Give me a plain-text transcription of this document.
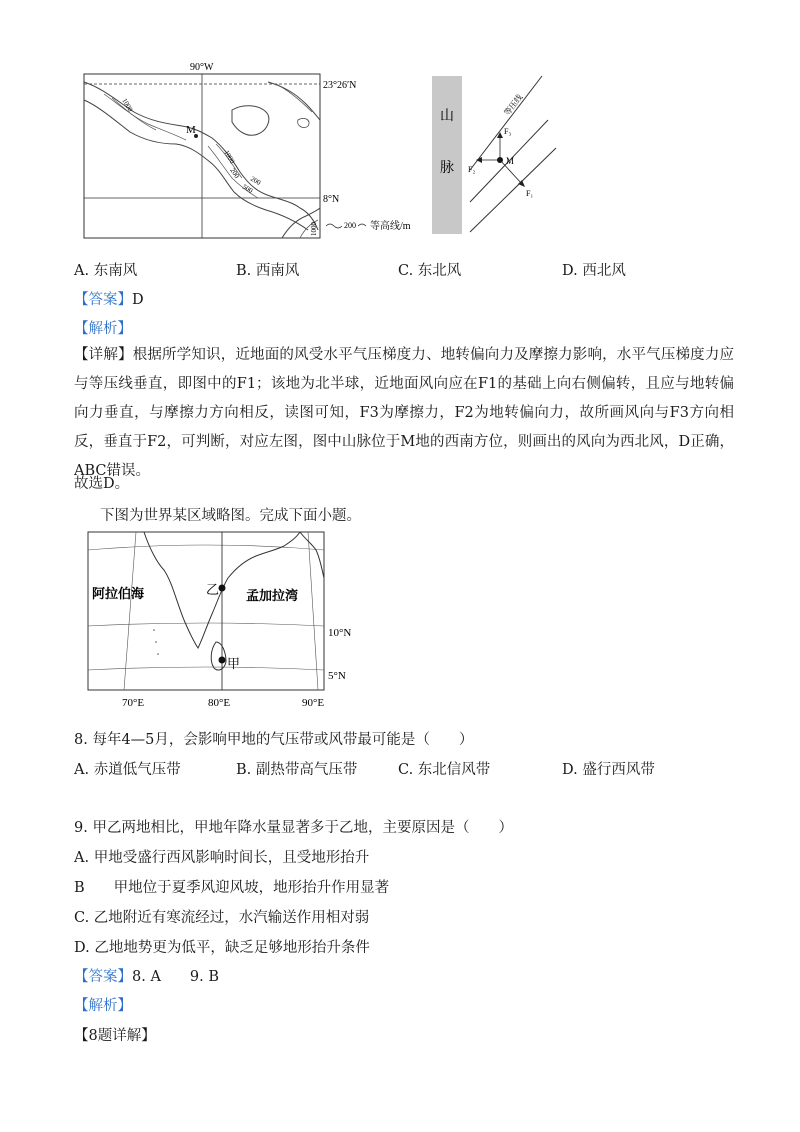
90°W
23°26′N
8°N
M
1000
1000
200
500
200
1000	200 等高线/m
山
脉
等压线
M
F₃
F₂
F₁
A. 东南风	B. 西南风	C. 东北风	D. 西北风
【答案】D
【解析】
【详解】根据所学知识，近地面的风受水平气压梯度力、地转偏向力及摩擦力影响，水平气压梯度力应与等压线垂直，即图中的F1；该地为北半球，近地面风向应在F1的基础上向右侧偏转，且应与地转偏向力垂直，与摩擦力方向相反，读图可知，F3为摩擦力，F2为地转偏向力，故所画风向与F3方向相反，垂直于F2，可判断，对应左图，图中山脉位于M地的西南方位，则画出的风向为西北风，D正确，ABC错误。
故选D。
下图为世界某区域略图。完成下面小题。
乙
甲
阿拉伯海	孟加拉湾
10°N
5°N
70°E	80°E	90°E
8. 每年4—5月，会影响甲地的气压带或风带最可能是（　　）
A. 赤道低气压带	B. 副热带高气压带	C. 东北信风带	D. 盛行西风带
9. 甲乙两地相比，甲地年降水量显著多于乙地，主要原因是（　　）
A. 甲地受盛行西风影响时间长，且受地形抬升
B　　甲地位于夏季风迎风坡，地形抬升作用显著
C. 乙地附近有寒流经过，水汽输送作用相对弱
D. 乙地地势更为低平，缺乏足够地形抬升条件
【答案】8. A　　9. B
【解析】
【8题详解】
